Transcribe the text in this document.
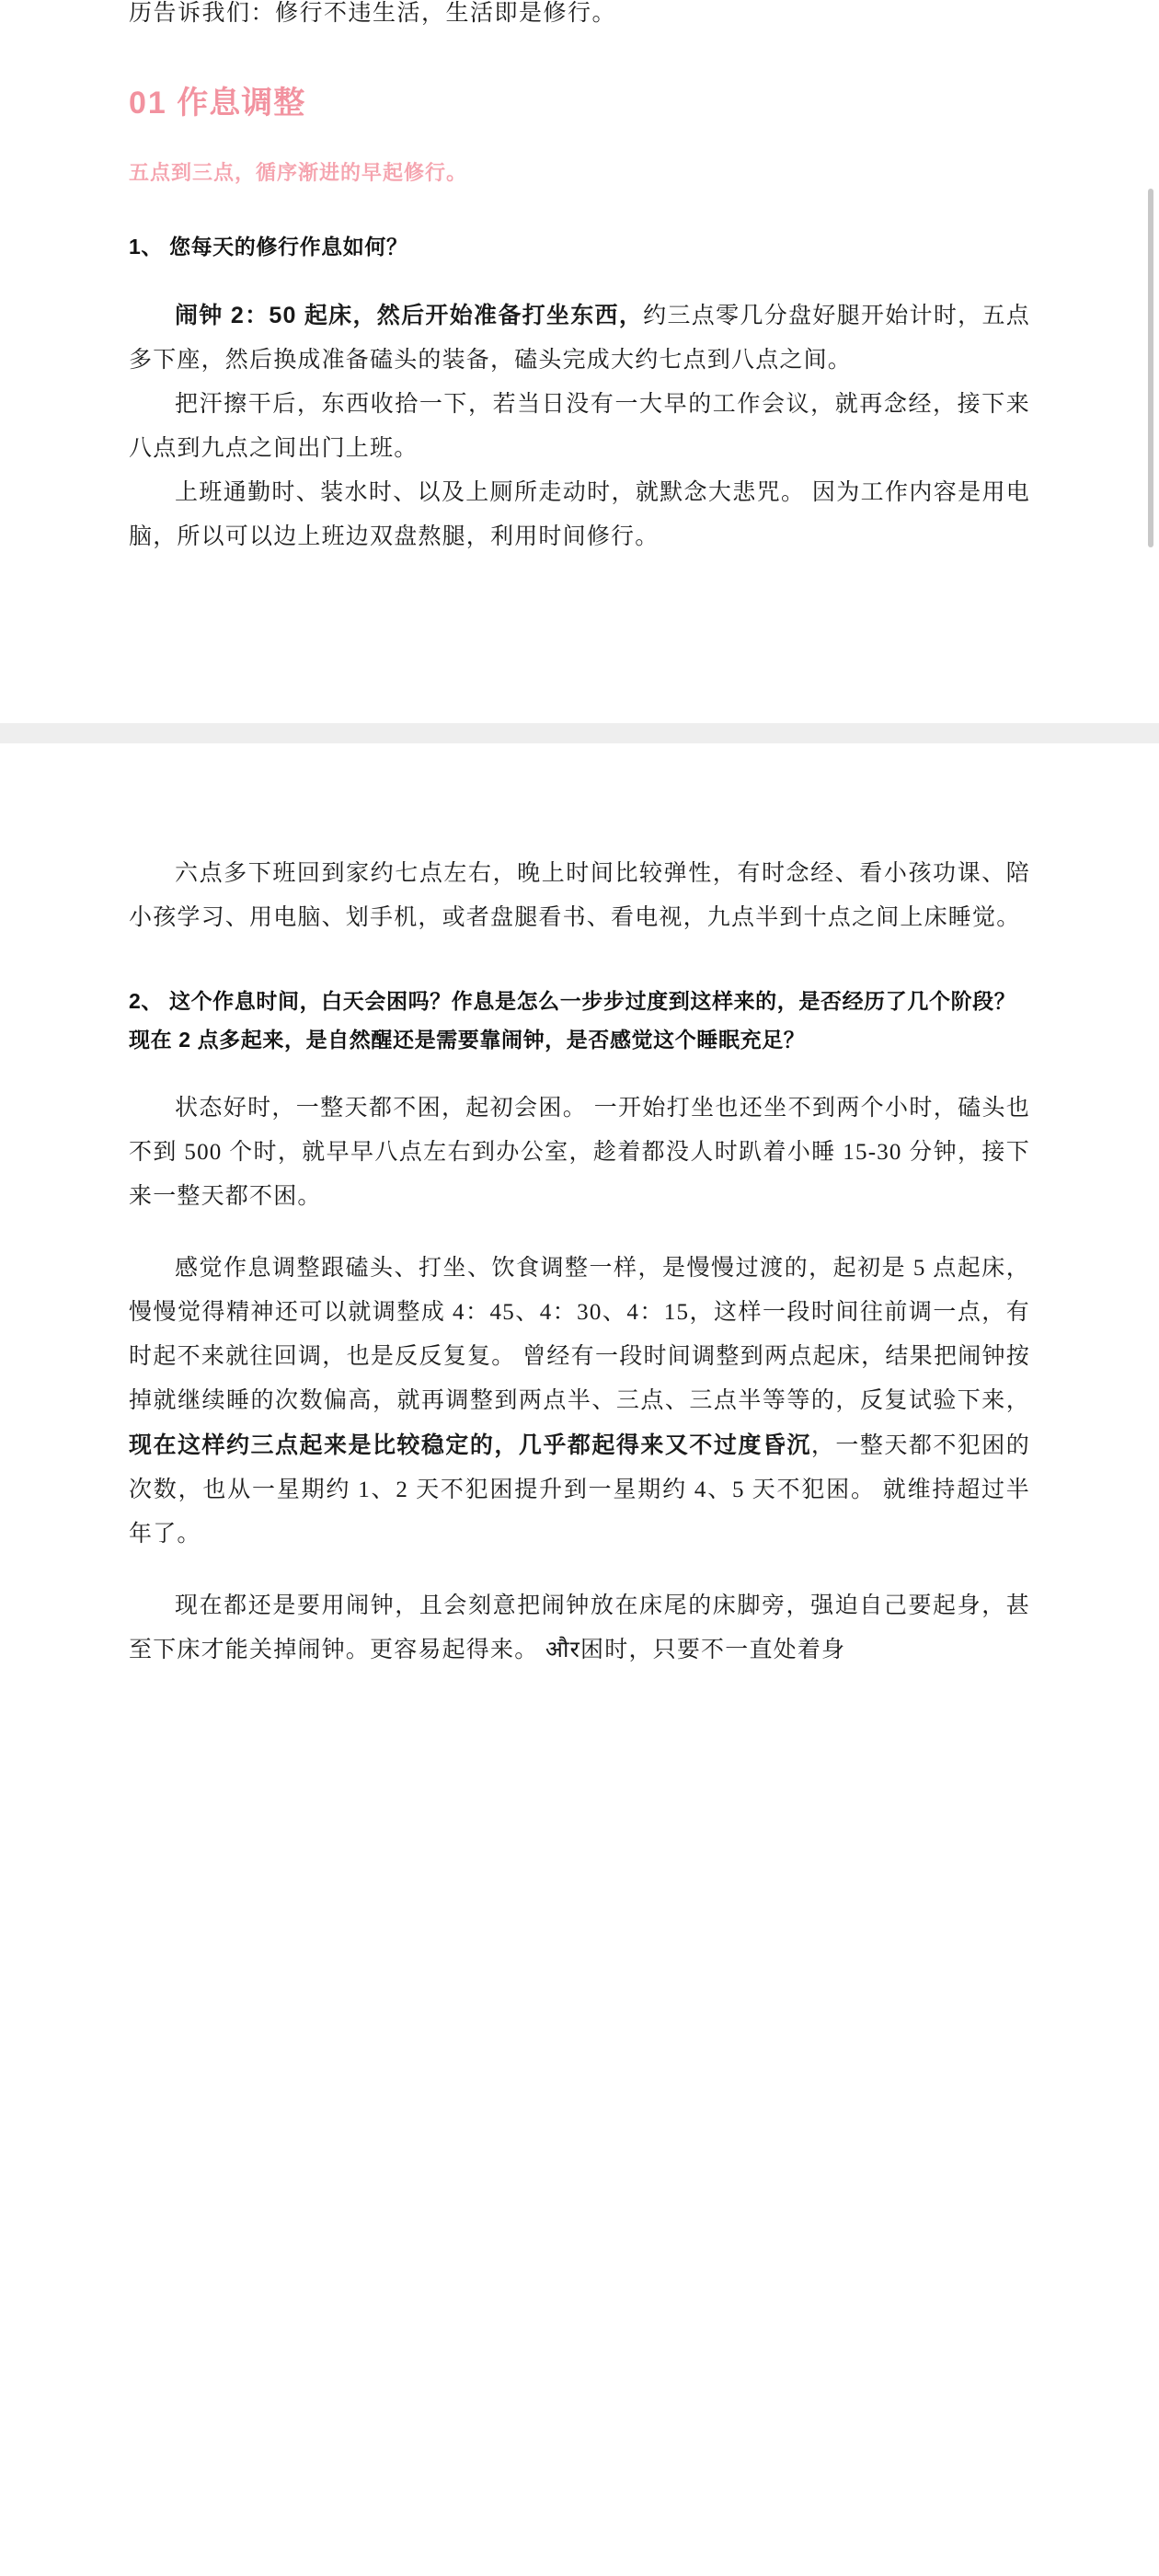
历告诉我们：修行不违生活，生活即是修行。
01 作息调整
五点到三点，循序渐进的早起修行。
1、 您每天的修行作息如何？

闹钟 2：50 起床，然后开始准备打坐东西，约三点零几分盘好腿开始计时，五点多下座，然后换成准备磕头的装备，磕头完成大约七点到八点之间。

把汗擦干后，东西收拾一下，若当日没有一大早的工作会议，就再念经，接下来八点到九点之间出门上班。

上班通勤时、装水时、以及上厕所走动时，就默念大悲咒。 因为工作内容是用电脑，所以可以边上班边双盘熬腿，利用时间修行。

六点多下班回到家约七点左右，晚上时间比较弹性，有时念经、看小孩功课、陪小孩学习、用电脑、划手机，或者盘腿看书、看电视，九点半到十点之间上床睡觉。

2、 这个作息时间，白天会困吗？作息是怎么一步步过度到这样来的，是否经历了几个阶段？现在 2 点多起来，是自然醒还是需要靠闹钟，是否感觉这个睡眠充足？

状态好时，一整天都不困，起初会困。 一开始打坐也还坐不到两个小时，磕头也不到 500 个时，就早早八点左右到办公室，趁着都没人时趴着小睡 15-30 分钟，接下来一整天都不困。

感觉作息调整跟磕头、打坐、饮食调整一样，是慢慢过渡的，起初是 5 点起床，慢慢觉得精神还可以就调整成 4：45、4：30、4：15，这样一段时间往前调一点，有时起不来就往回调，也是反反复复。 曾经有一段时间调整到两点起床，结果把闹钟按掉就继续睡的次数偏高，就再调整到两点半、三点、三点半等等的，反复试验下来，现在这样约三点起来是比较稳定的，几乎都起得来又不过度昏沉，一整天都不犯困的次数，也从一星期约 1、2 天不犯困提升到一星期约 4、5 天不犯困。 就维持超过半年了。

现在都还是要用闹钟，且会刻意把闹钟放在床尾的床脚旁，强迫自己要起身，甚至下床才能关掉闹钟。更容易起得来。 और困时，只要不一直处着身
